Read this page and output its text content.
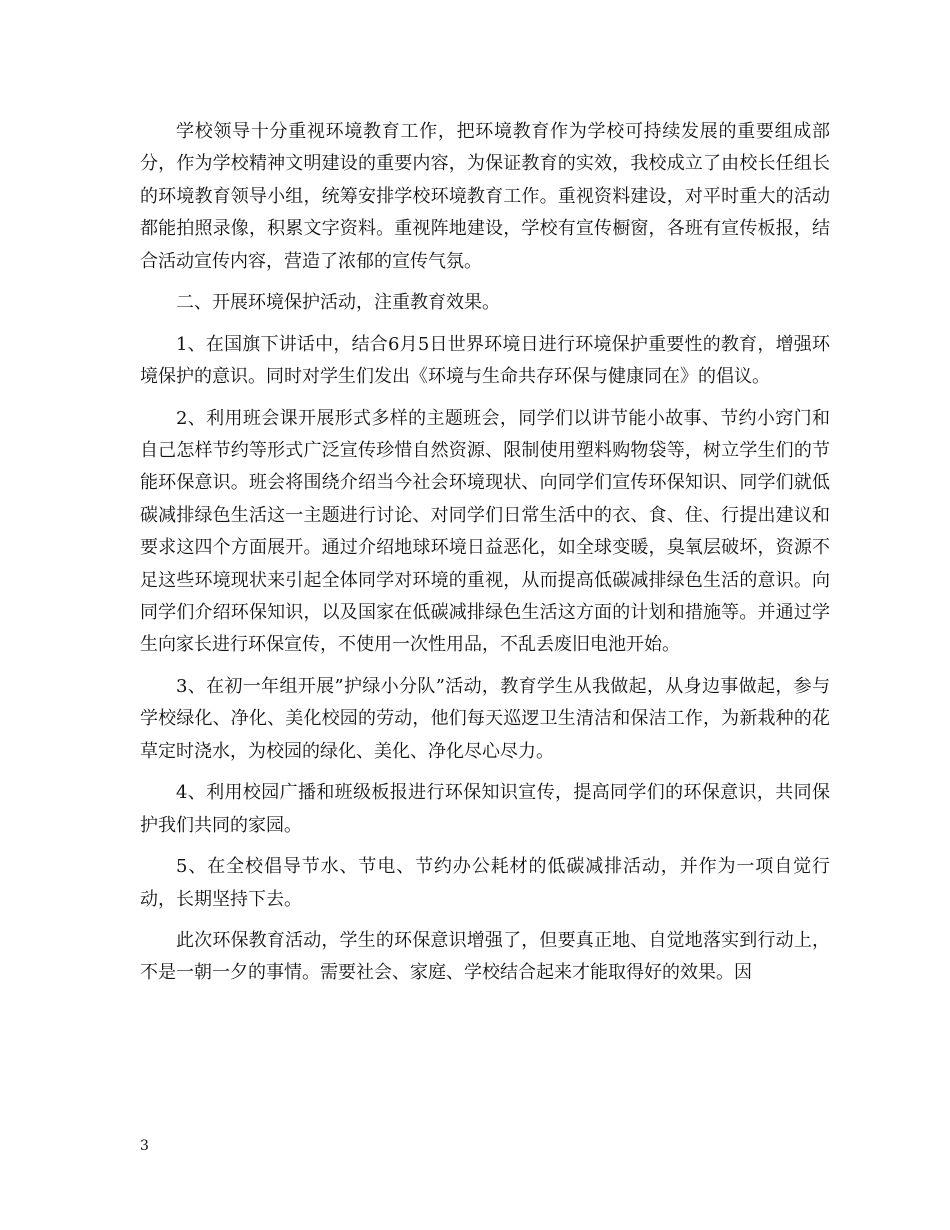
学校领导十分重视环境教育工作，把环境教育作为学校可持续发展的重要组成部分，作为学校精神文明建设的重要内容，为保证教育的实效，我校成立了由校长任组长的环境教育领导小组，统筹安排学校环境教育工作。重视资料建设，对平时重大的活动都能拍照录像，积累文字资料。重视阵地建设，学校有宣传橱窗，各班有宣传板报，结合活动宣传内容，营造了浓郁的宣传气氛。

二、开展环境保护活动，注重教育效果。

1、在国旗下讲话中，结合6月5日世界环境日进行环境保护重要性的教育，增强环境保护的意识。同时对学生们发出《环境与生命共存环保与健康同在》的倡议。

2、利用班会课开展形式多样的主题班会，同学们以讲节能小故事、节约小窍门和自己怎样节约等形式广泛宣传珍惜自然资源、限制使用塑料购物袋等，树立学生们的节能环保意识。班会将围绕介绍当今社会环境现状、向同学们宣传环保知识、同学们就低碳减排绿色生活这一主题进行讨论、对同学们日常生活中的衣、食、住、行提出建议和要求这四个方面展开。通过介绍地球环境日益恶化，如全球变暖，臭氧层破坏，资源不足这些环境现状来引起全体同学对环境的重视，从而提高低碳减排绿色生活的意识。向同学们介绍环保知识，以及国家在低碳减排绿色生活这方面的计划和措施等。并通过学生向家长进行环保宣传，不使用一次性用品，不乱丢废旧电池开始。

3、在初一年组开展”护绿小分队”活动，教育学生从我做起，从身边事做起，参与学校绿化、净化、美化校园的劳动，他们每天巡逻卫生清洁和保洁工作，为新栽种的花草定时浇水，为校园的绿化、美化、净化尽心尽力。

4、利用校园广播和班级板报进行环保知识宣传，提高同学们的环保意识，共同保护我们共同的家园。

5、在全校倡导节水、节电、节约办公耗材的低碳减排活动，并作为一项自觉行动，长期坚持下去。

此次环保教育活动，学生的环保意识增强了，但要真正地、自觉地落实到行动上，不是一朝一夕的事情。需要社会、家庭、学校结合起来才能取得好的效果。因

3
